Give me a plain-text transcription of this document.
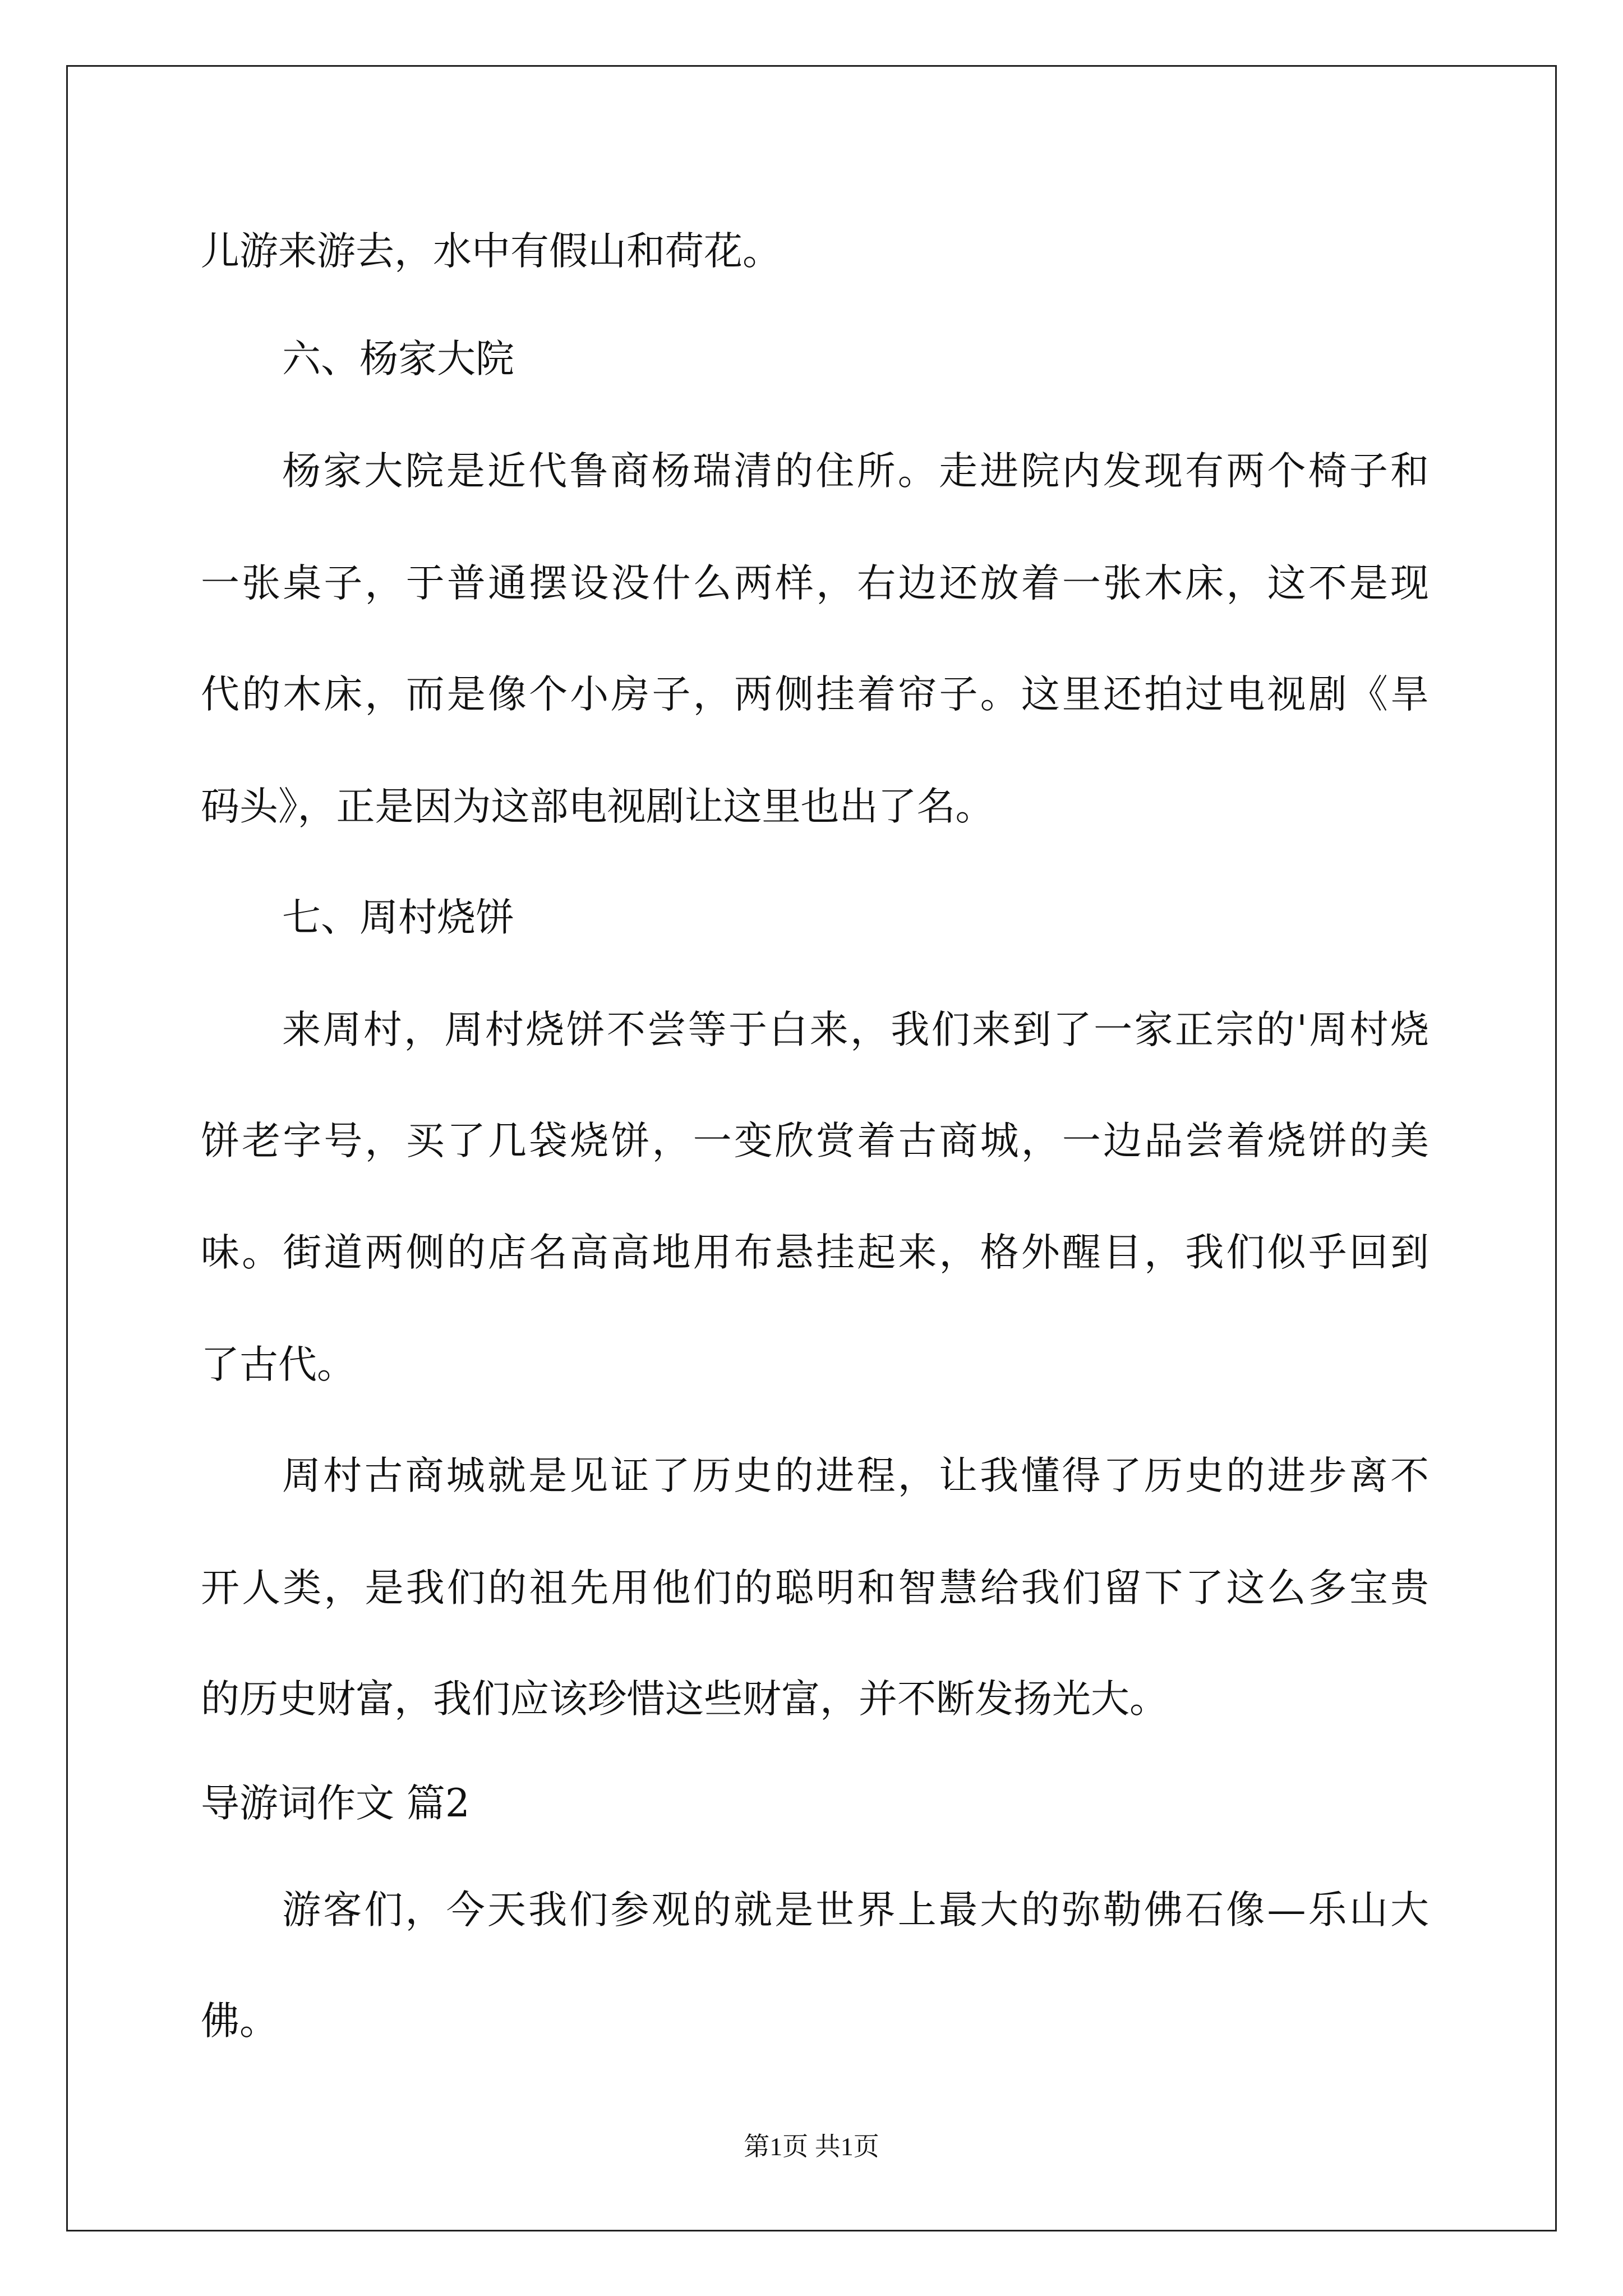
儿游来游去，水中有假山和荷花。
六、杨家大院
杨家大院是近代鲁商杨瑞清的住所。走进院内发现有两个椅子和
一张桌子，于普通摆设没什么两样，右边还放着一张木床，这不是现
代的木床，而是像个小房子，两侧挂着帘子。这里还拍过电视剧《旱
码头》，正是因为这部电视剧让这里也出了名。
七、周村烧饼
来周村，周村烧饼不尝等于白来，我们来到了一家正宗的'周村烧
饼老字号，买了几袋烧饼，一变欣赏着古商城，一边品尝着烧饼的美
味。街道两侧的店名高高地用布悬挂起来，格外醒目，我们似乎回到
了古代。
周村古商城就是见证了历史的进程，让我懂得了历史的进步离不
开人类，是我们的祖先用他们的聪明和智慧给我们留下了这么多宝贵
的历史财富，我们应该珍惜这些财富，并不断发扬光大。
导游词作文 篇2
游客们，今天我们参观的就是世界上最大的弥勒佛石像—乐山大
佛。
第1页 共1页
